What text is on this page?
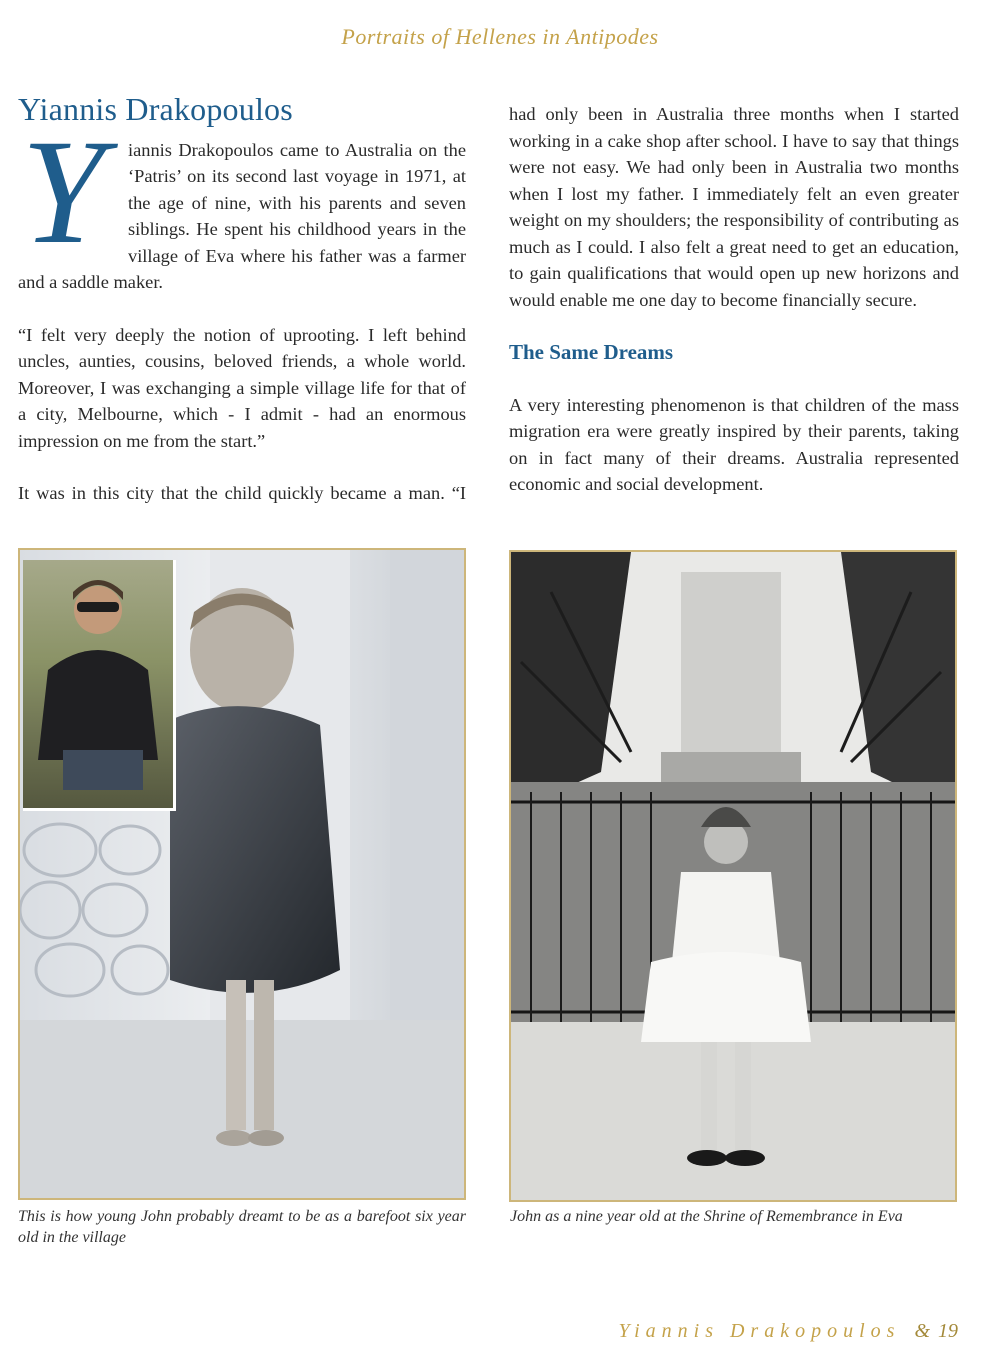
Portraits of Hellenes in Antipodes
Yiannis Drakopoulos

Y	iannis Drakopoulos came to Australia on the ‘Patris’ on its second last voyage in 1971, at the age of nine, with his parents and seven siblings. He spent his childhood years in the village of Eva where his father was a farmer and a saddle maker.

“I felt very deeply the notion of uprooting. I left behind uncles, aunties, cousins, beloved friends, a whole world. Moreover, I was exchanging a simple village life for that of a city, Melbourne, which - I admit - had an enormous impression on me from the start.”

It was in this city that the child quickly became a man. “I

had only been in Australia three months when I started working in a cake shop after school. I have to say that things were not easy. We had only been in Australia two months when I lost my father. I immediately felt an even greater weight on my shoulders; the responsibility of contributing as much as I could. I also felt a great need to get an education, to gain qualifications that would open up new horizons and would enable me one day to become financially secure.

The Same Dreams

A very interesting phenomenon is that children of the mass migration era were greatly inspired by their parents, taking on in fact many of their dreams. Australia represented economic and social development.

This is how young John probably dreamt to be as a barefoot six year old in the village
John as a nine year old at the Shrine of Remembrance in Eva
Yiannis Drakopoulos & 19
